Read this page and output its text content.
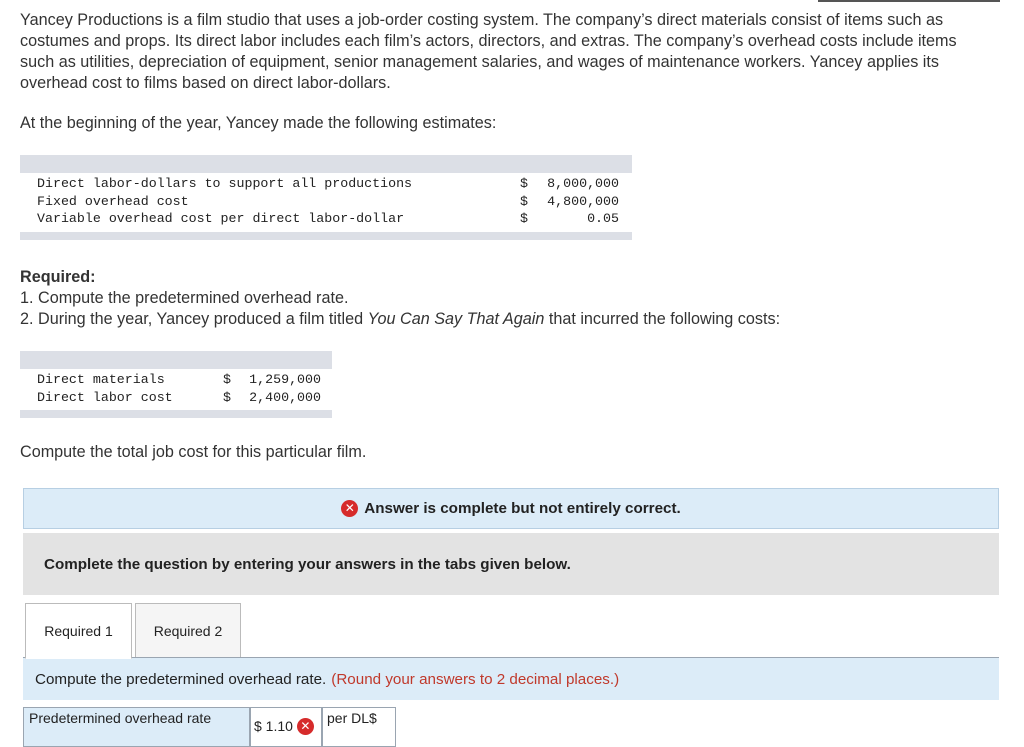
Yancey Productions is a film studio that uses a job-order costing system. The company’s direct materials consist of items such as costumes and props. Its direct labor includes each film’s actors, directors, and extras. The company’s overhead costs include items such as utilities, depreciation of equipment, senior management salaries, and wages of maintenance workers. Yancey applies its overhead cost to films based on direct labor-dollars.

At the beginning of the year, Yancey made the following estimates:

Direct labor-dollars to support all productions	$	8,000,000
Fixed overhead cost	$	4,800,000
Variable overhead cost per direct labor-dollar	$	0.05
Required:
1. Compute the predetermined overhead rate.
2. During the year, Yancey produced a film titled You Can Say That Again that incurred the following costs:
Direct materials	$	1,259,000
Direct labor cost	$	2,400,000

Compute the total job cost for this particular film.

✕ Answer is complete but not entirely correct.
Complete the question by entering your answers in the tabs given below.
Required 1	Required 2
Compute the predetermined overhead rate. (Round your answers to 2 decimal places.)
Predetermined overhead rate	$ 1.10 ✕	per DL$
